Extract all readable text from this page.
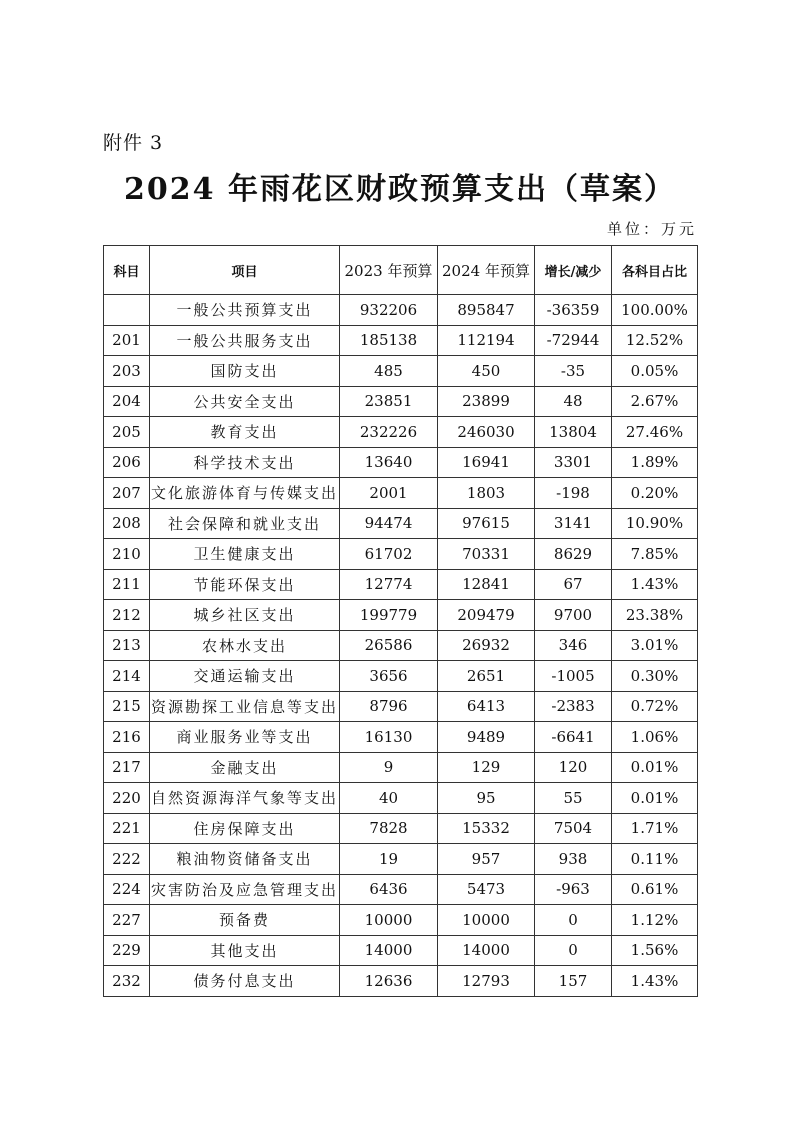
附件 3
2024 年雨花区财政预算支出（草案）
单位：万元
科目	项目	2023 年预算	2024 年预算	增长/减少	各科目占比
	一般公共预算支出	932206	895847	-36359	100.00%
201	一般公共服务支出	185138	112194	-72944	12.52%
203	国防支出	485	450	-35	0.05%
204	公共安全支出	23851	23899	48	2.67%
205	教育支出	232226	246030	13804	27.46%
206	科学技术支出	13640	16941	3301	1.89%
207	文化旅游体育与传媒支出	2001	1803	-198	0.20%
208	社会保障和就业支出	94474	97615	3141	10.90%
210	卫生健康支出	61702	70331	8629	7.85%
211	节能环保支出	12774	12841	67	1.43%
212	城乡社区支出	199779	209479	9700	23.38%
213	农林水支出	26586	26932	346	3.01%
214	交通运输支出	3656	2651	-1005	0.30%
215	资源勘探工业信息等支出	8796	6413	-2383	0.72%
216	商业服务业等支出	16130	9489	-6641	1.06%
217	金融支出	9	129	120	0.01%
220	自然资源海洋气象等支出	40	95	55	0.01%
221	住房保障支出	7828	15332	7504	1.71%
222	粮油物资储备支出	19	957	938	0.11%
224	灾害防治及应急管理支出	6436	5473	-963	0.61%
227	预备费	10000	10000	0	1.12%
229	其他支出	14000	14000	0	1.56%
232	债务付息支出	12636	12793	157	1.43%
